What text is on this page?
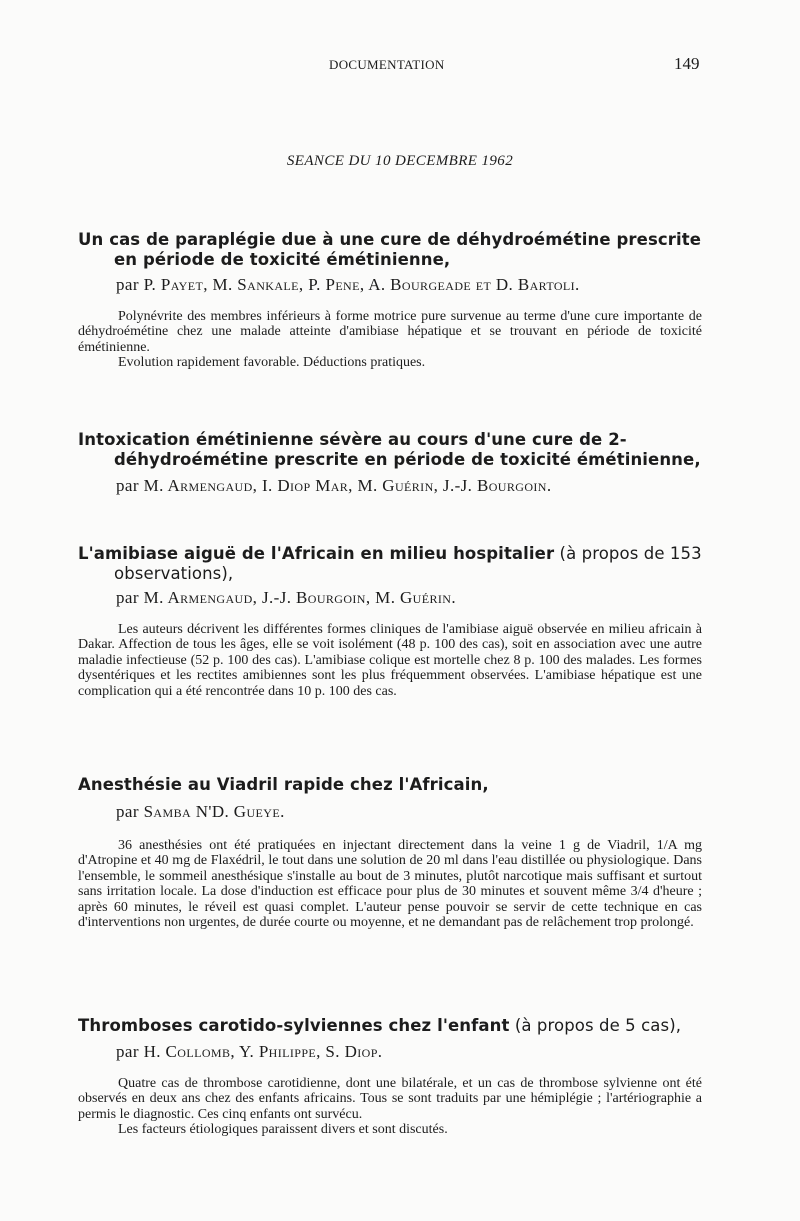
DOCUMENTATION	149
SEANCE DU 10 DECEMBRE 1962
Un cas de paraplégie due à une cure de déhydroémétine prescrite en période de toxicité émétinienne,
par P. Payet, M. Sankale, P. Pene, A. Bourgeade et D. Bartoli.

Polynévrite des membres inférieurs à forme motrice pure survenue au terme d'une cure importante de déhydroémétine chez une malade atteinte d'amibiase hépatique et se trouvant en période de toxicité émétinienne.

Evolution rapidement favorable. Déductions pratiques.

Intoxication émétinienne sévère au cours d'une cure de 2-déhydroémétine prescrite en période de toxicité émétinienne,
par M. Armengaud, I. Diop Mar, M. Guérin, J.-J. Bourgoin.
L'amibiase aiguë de l'Africain en milieu hospitalier (à propos de 153 observations),
par M. Armengaud, J.-J. Bourgoin, M. Guérin.

Les auteurs décrivent les différentes formes cliniques de l'amibiase aiguë observée en milieu africain à Dakar. Affection de tous les âges, elle se voit isolément (48 p. 100 des cas), soit en association avec une autre maladie infectieuse (52 p. 100 des cas). L'amibiase colique est mortelle chez 8 p. 100 des malades. Les formes dysentériques et les rectites amibiennes sont les plus fréquemment observées. L'amibiase hépatique est une complication qui a été rencontrée dans 10 p. 100 des cas.

Anesthésie au Viadril rapide chez l'Africain,
par Samba N'D. Gueye.

36 anesthésies ont été pratiquées en injectant directement dans la veine 1 g de Viadril, 1/A mg d'Atropine et 40 mg de Flaxédril, le tout dans une solution de 20 ml dans l'eau distillée ou physiologique. Dans l'ensemble, le sommeil anesthésique s'installe au bout de 3 minutes, plutôt narcotique mais suffisant et surtout sans irritation locale. La dose d'induction est efficace pour plus de 30 minutes et souvent même 3/4 d'heure ; après 60 minutes, le réveil est quasi complet. L'auteur pense pouvoir se servir de cette technique en cas d'interventions non urgentes, de durée courte ou moyenne, et ne demandant pas de relâchement trop prolongé.

Thromboses carotido-sylviennes chez l'enfant (à propos de 5 cas),
par H. Collomb, Y. Philippe, S. Diop.

Quatre cas de thrombose carotidienne, dont une bilatérale, et un cas de thrombose sylvienne ont été observés en deux ans chez des enfants africains. Tous se sont traduits par une hémiplégie ; l'artériographie a permis le diagnostic. Ces cinq enfants ont survécu.

Les facteurs étiologiques paraissent divers et sont discutés.
